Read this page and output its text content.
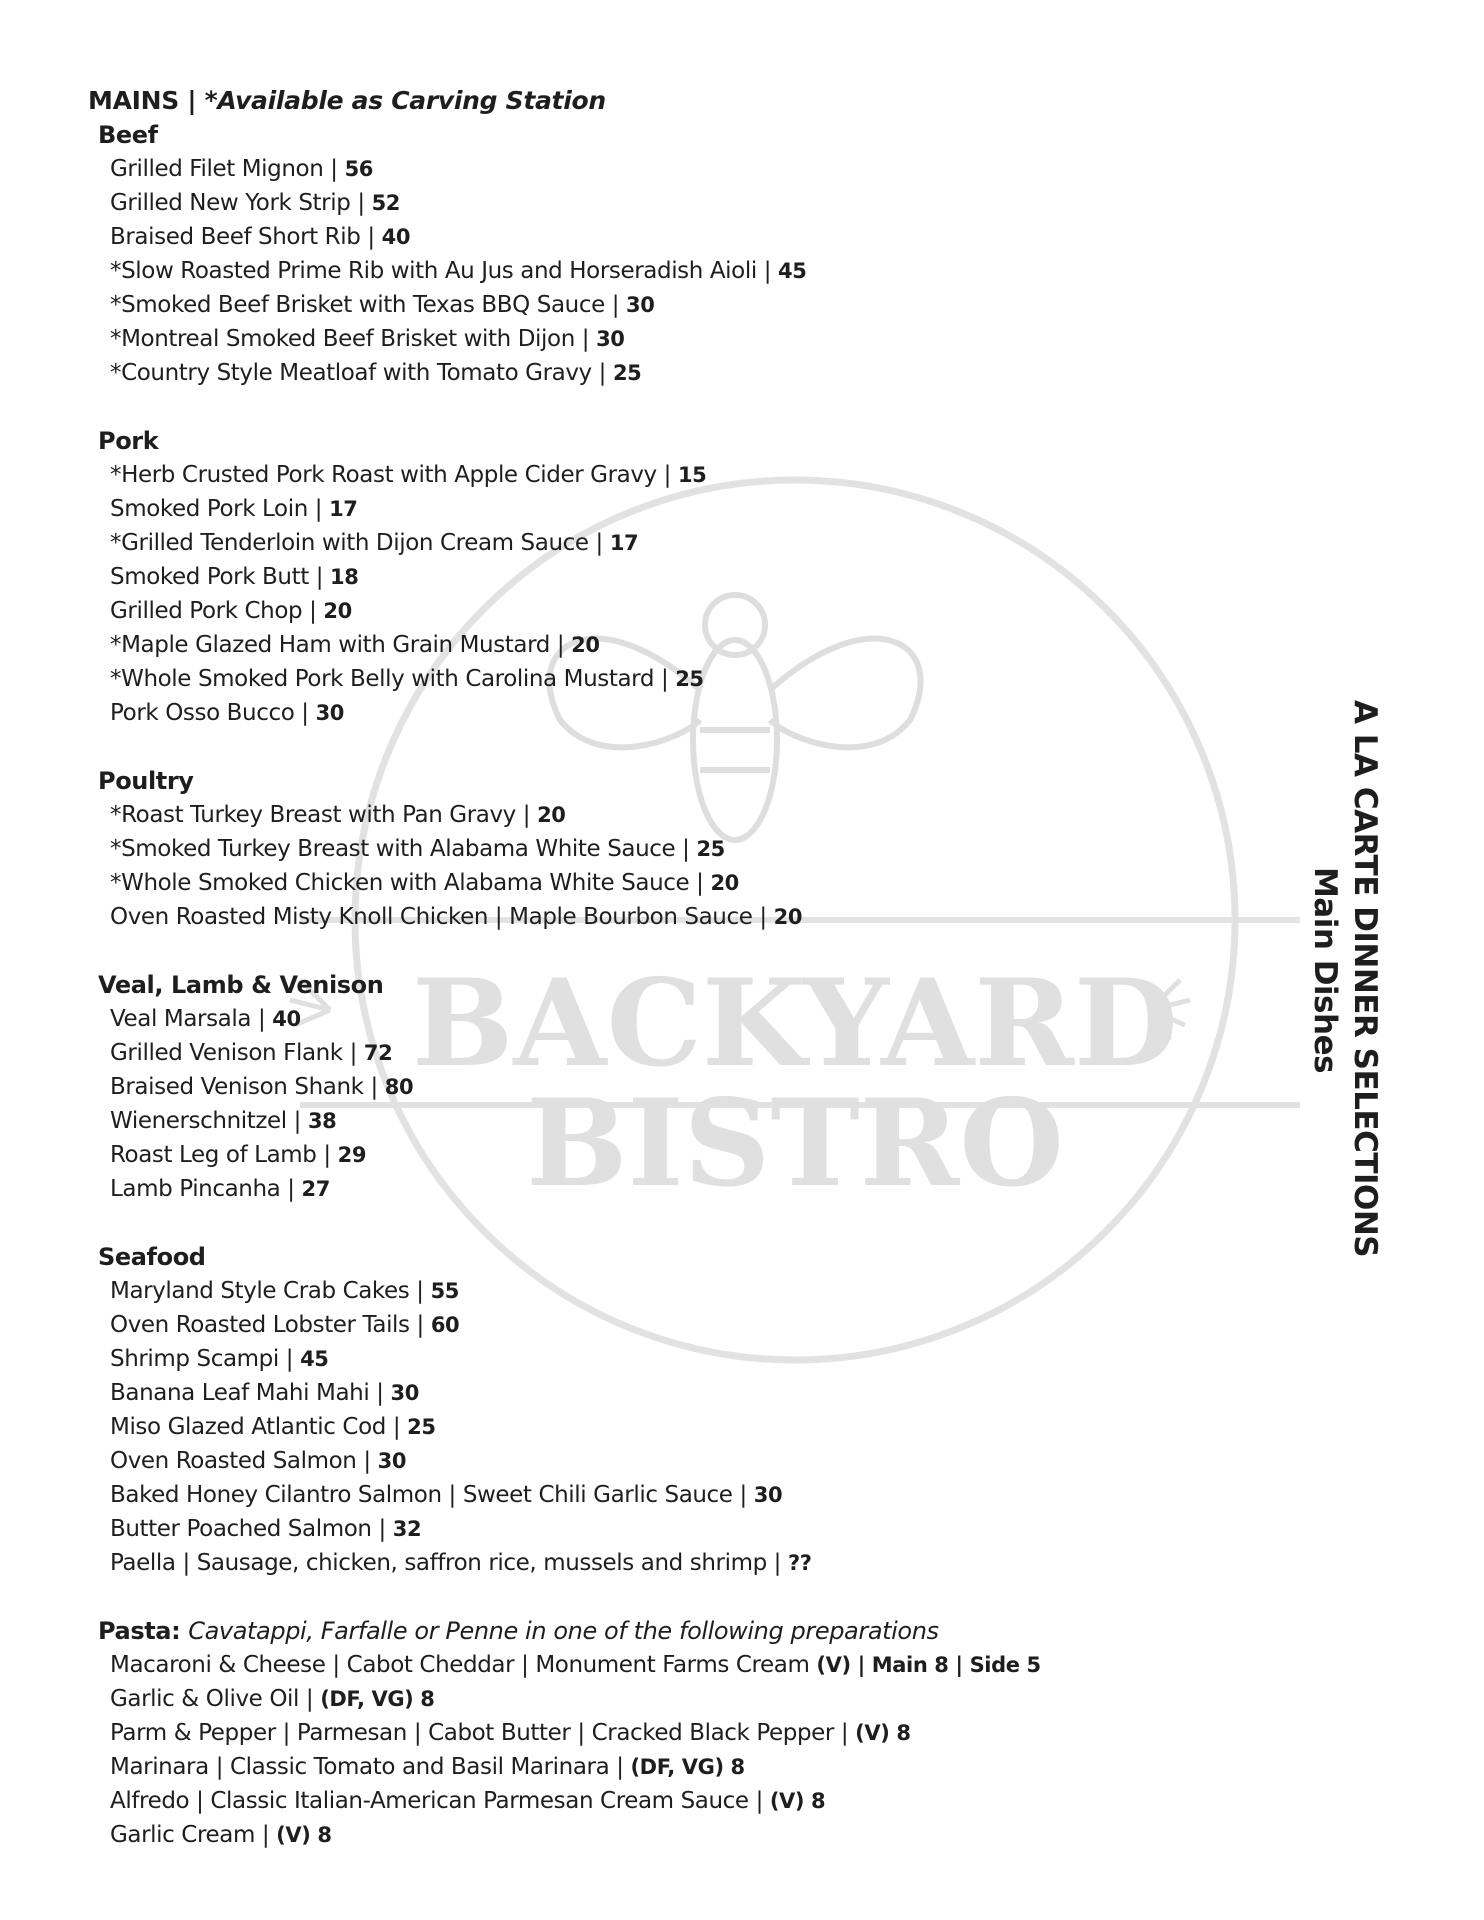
BACKYARD
BISTRO
MAINS | *Available as Carving Station
Beef
Grilled Filet Mignon | 56
Grilled New York Strip | 52
Braised Beef Short Rib | 40
*Slow Roasted Prime Rib with Au Jus and Horseradish Aioli | 45
*Smoked Beef Brisket with Texas BBQ Sauce | 30
*Montreal Smoked Beef Brisket with Dijon | 30
*Country Style Meatloaf with Tomato Gravy | 25
Pork
*Herb Crusted Pork Roast with Apple Cider Gravy | 15
Smoked Pork Loin | 17
*Grilled Tenderloin with Dijon Cream Sauce | 17
Smoked Pork Butt | 18
Grilled Pork Chop | 20
*Maple Glazed Ham with Grain Mustard | 20
*Whole Smoked Pork Belly with Carolina Mustard | 25
Pork Osso Bucco | 30
Poultry
*Roast Turkey Breast with Pan Gravy | 20
*Smoked Turkey Breast with Alabama White Sauce | 25
*Whole Smoked Chicken with Alabama White Sauce | 20
Oven Roasted Misty Knoll Chicken | Maple Bourbon Sauce | 20
Veal, Lamb & Venison
Veal Marsala | 40
Grilled Venison Flank | 72
Braised Venison Shank | 80
Wienerschnitzel | 38
Roast Leg of Lamb | 29
Lamb Pincanha | 27
Seafood
Maryland Style Crab Cakes | 55
Oven Roasted Lobster Tails | 60
Shrimp Scampi | 45
Banana Leaf Mahi Mahi | 30
Miso Glazed Atlantic Cod | 25
Oven Roasted Salmon | 30
Baked Honey Cilantro Salmon | Sweet Chili Garlic Sauce | 30
Butter Poached Salmon | 32
Paella | Sausage, chicken, saffron rice, mussels and shrimp | ??
Pasta: Cavatappi, Farfalle or Penne in one of the following preparations
Macaroni & Cheese | Cabot Cheddar | Monument Farms Cream (V) | Main 8 | Side 5
Garlic & Olive Oil | (DF, VG) 8
Parm & Pepper | Parmesan | Cabot Butter | Cracked Black Pepper | (V) 8
Marinara | Classic Tomato and Basil Marinara | (DF, VG) 8
Alfredo | Classic Italian-American Parmesan Cream Sauce | (V) 8
Garlic Cream | (V) 8
A LA CARTE DINNER SELECTIONS
Main Dishes
